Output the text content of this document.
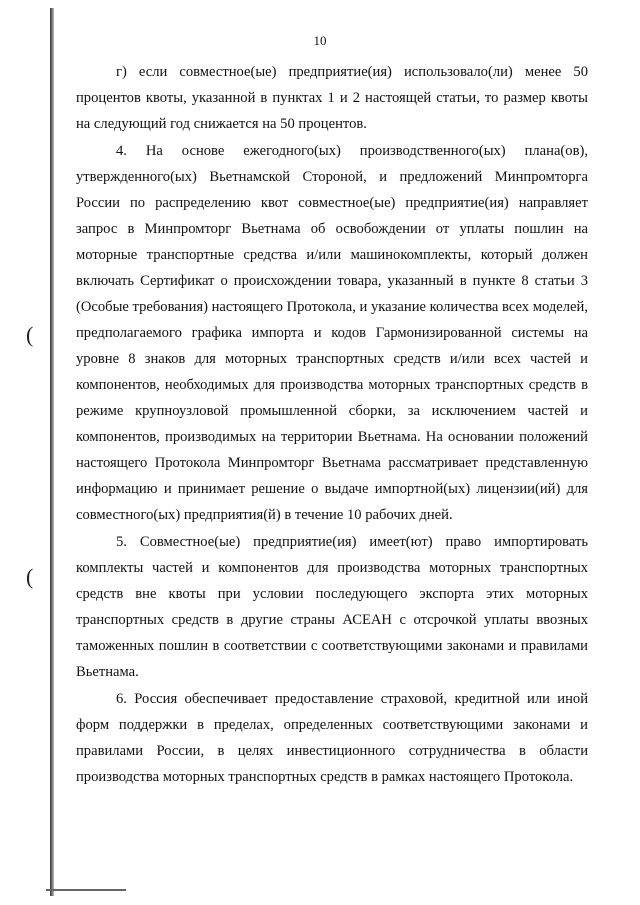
(
(
10

г) если совместное(ые) предприятие(ия) использовало(ли) менее 50 процентов квоты, указанной в пунктах 1 и 2 настоящей статьи, то размер квоты на следующий год снижается на 50 процентов.

4. На основе ежегодного(ых) производственного(ых) плана(ов), утвержденного(ых) Вьетнамской Стороной, и предложений Минпромторга России по распределению квот совместное(ые) предприятие(ия) направляет запрос в Минпромторг Вьетнама об освобождении от уплаты пошлин на моторные транспортные средства и/или машинокомплекты, который должен включать Сертификат о происхождении товара, указанный в пункте 8 статьи 3 (Особые требования) настоящего Протокола, и указание количества всех моделей, предполагаемого графика импорта и кодов Гармонизированной системы на уровне 8 знаков для моторных транспортных средств и/или всех частей и компонентов, необходимых для производства моторных транспортных средств в режиме крупноузловой промышленной сборки, за исключением частей и компонентов, производимых на территории Вьетнама. На основании положений настоящего Протокола Минпромторг Вьетнама рассматривает представленную информацию и принимает решение о выдаче импортной(ых) лицензии(ий) для совместного(ых) предприятия(й) в течение 10 рабочих дней.

5. Совместное(ые) предприятие(ия) имеет(ют) право импортировать комплекты частей и компонентов для производства моторных транспортных средств вне квоты при условии последующего экспорта этих моторных транспортных средств в другие страны АСЕАН с отсрочкой уплаты ввозных таможенных пошлин в соответствии с соответствующими законами и правилами Вьетнама.

6. Россия обеспечивает предоставление страховой, кредитной или иной форм поддержки в пределах, определенных соответствующими законами и правилами России, в целях инвестиционного сотрудничества в области производства моторных транспортных средств в рамках настоящего Протокола.
